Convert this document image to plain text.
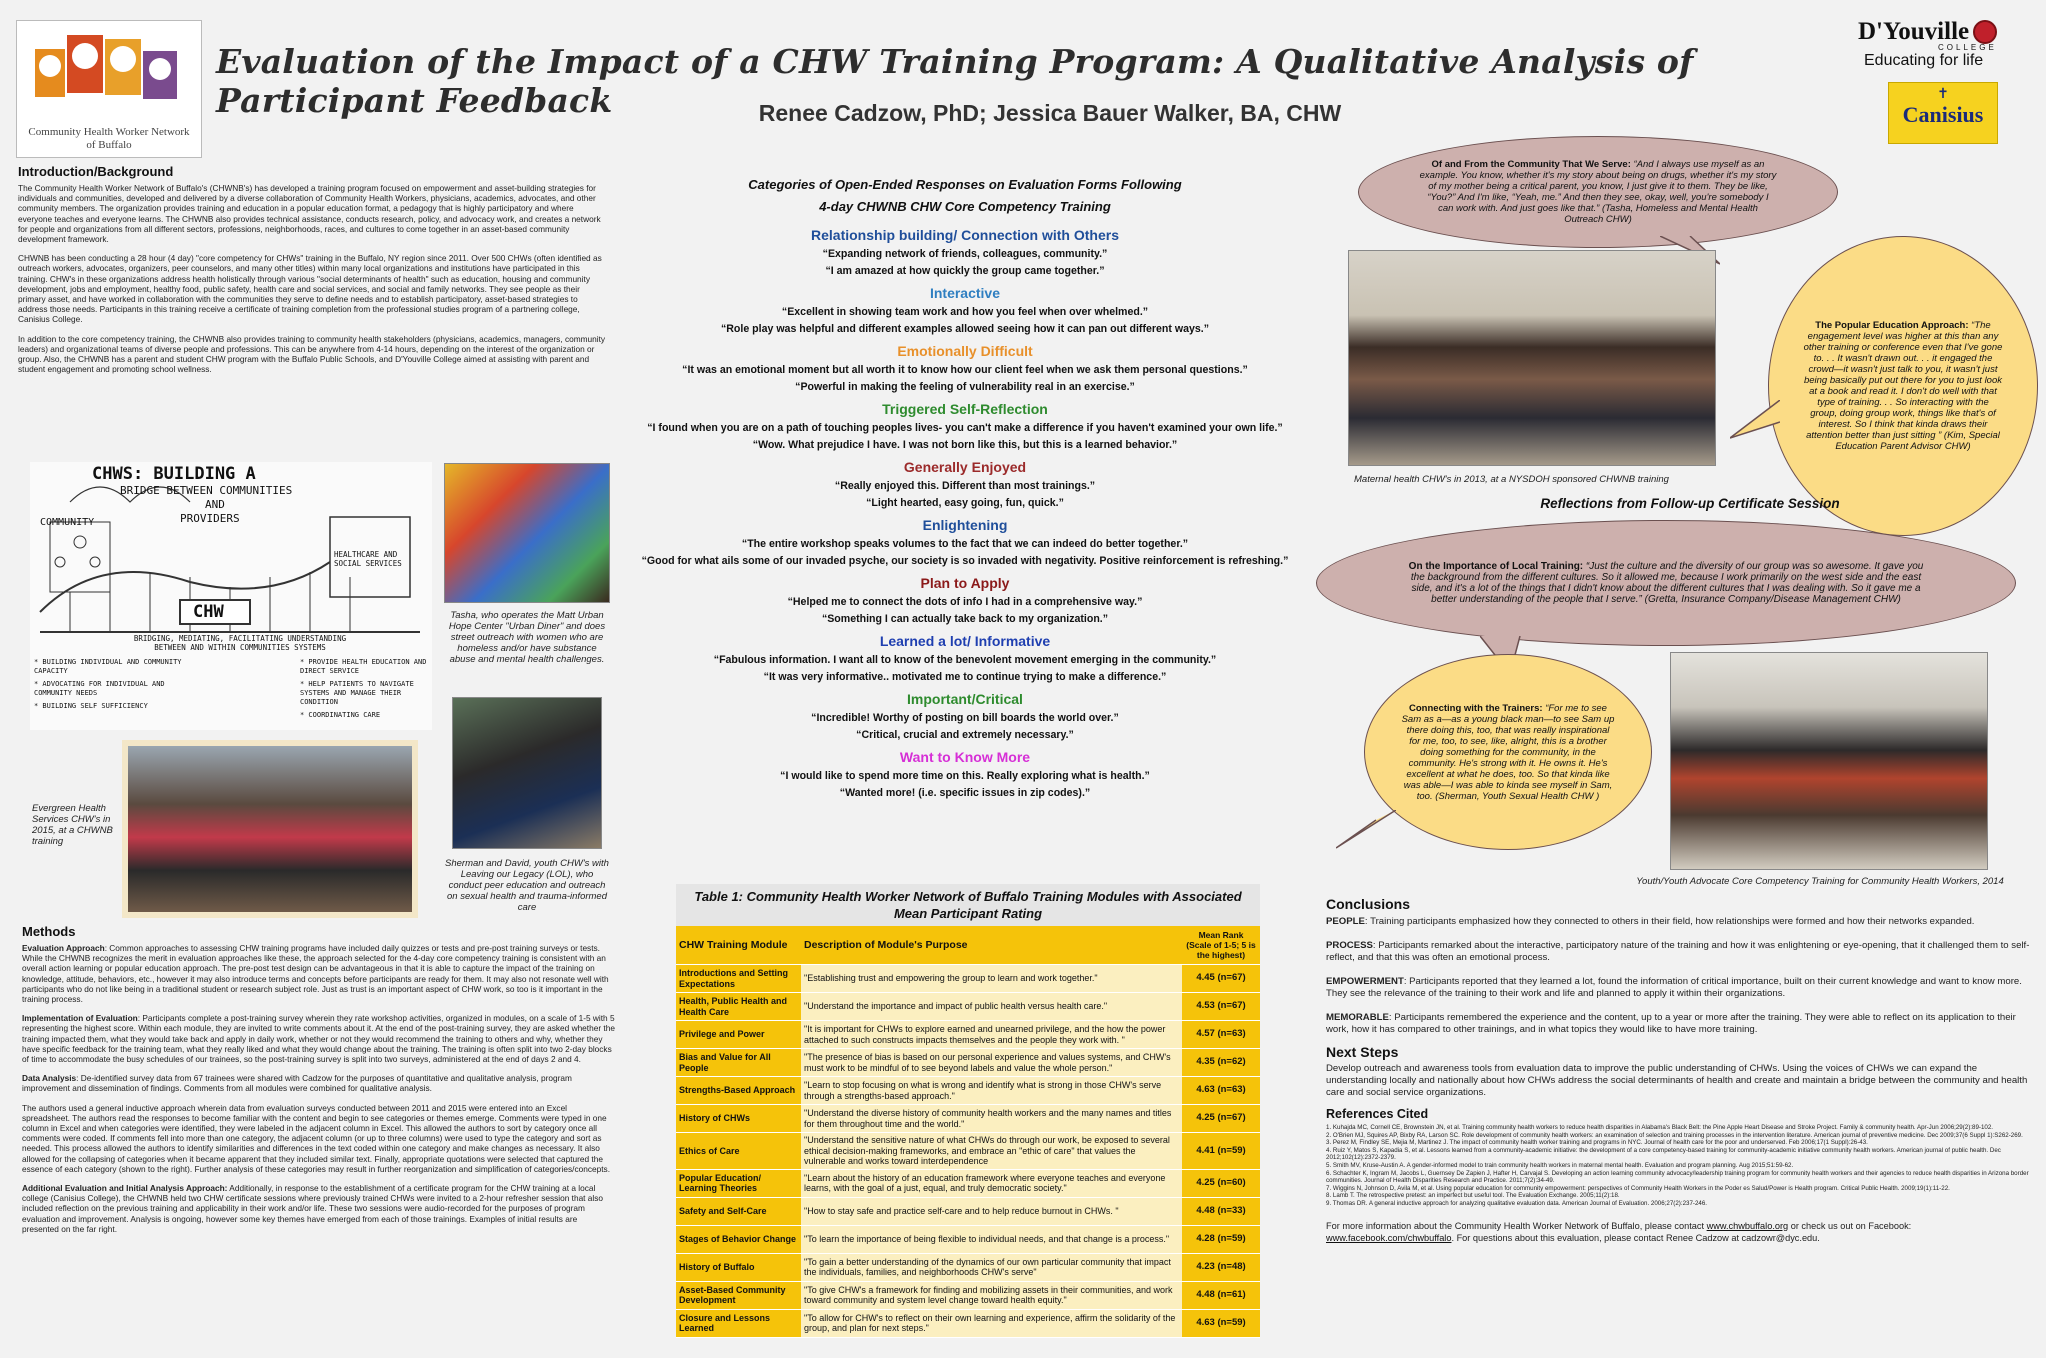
Community Health Worker Network
of Buffalo
Evaluation of the Impact of a CHW Training Program: A Qualitative Analysis of Participant Feedback	Renee Cadzow, PhD; Jessica Bauer Walker, BA, CHW
D'Youville
COLLEGE
Educating for life
✝
Canisius
Introduction/Background

The Community Health Worker Network of Buffalo's (CHWNB's) has developed a training program focused on empowerment and asset-building strategies for individuals and communities, developed and delivered by a diverse collaboration of Community Health Workers, physicians, academics, advocates, and other community members. The organization provides training and education in a popular education format, a pedagogy that is highly participatory and where everyone teaches and everyone learns. The CHWNB also provides technical assistance, conducts research, policy, and advocacy work, and creates a network for people and organizations from all different sectors, professions, neighborhoods, races, and cultures to come together in an asset-based community development framework.

CHWNB has been conducting a 28 hour (4 day) "core competency for CHWs" training in the Buffalo, NY region since 2011. Over 500 CHWs (often identified as outreach workers, advocates, organizers, peer counselors, and many other titles) within many local organizations and institutions have participated in this training. CHW's in these organizations address health holistically through various "social determinants of health" such as education, housing and community development, jobs and employment, healthy food, public safety, health care and social services, and social and family networks. They see people as their primary asset, and have worked in collaboration with the communities they serve to define needs and to establish participatory, asset-based strategies to address those needs. Participants in this training receive a certificate of training completion from the professional studies program of a partnering college, Canisius College.

In addition to the core competency training, the CHWNB also provides training to community health stakeholders (physicians, academics, managers, community leaders) and organizational teams of diverse people and professions. This can be anywhere from 4-14 hours, depending on the interest of the organization or group. Also, the CHWNB has a parent and student CHW program with the Buffalo Public Schools, and D'Youville College aimed at assisting with parent and student engagement and promoting school wellness.

CHWS: BUILDING A
BRIDGE BETWEEN COMMUNITIES
AND
PROVIDERS
COMMUNITY
HEALTHCARE AND SOCIAL SERVICES
CHW
BRIDGING, MEDIATING, FACILITATING UNDERSTANDING BETWEEN AND WITHIN COMMUNITIES SYSTEMS
* BUILDING INDIVIDUAL AND COMMUNITY CAPACITY
* ADVOCATING FOR INDIVIDUAL AND COMMUNITY NEEDS
* BUILDING SELF SUFFICIENCY
* PROVIDE HEALTH EDUCATION AND DIRECT SERVICE
* HELP PATIENTS TO NAVIGATE SYSTEMS AND MANAGE THEIR CONDITION
* COORDINATING CARE
Tasha, who operates the Matt Urban Hope Center "Urban Diner" and does street outreach with women who are homeless and/or have substance abuse and mental health challenges.
Sherman and David, youth CHW's with Leaving our Legacy (LOL), who conduct peer education and outreach on sexual health and trauma-informed care
Evergreen Health Services CHW's in 2015, at a CHWNB training
Methods

Evaluation Approach: Common approaches to assessing CHW training programs have included daily quizzes or tests and pre-post training surveys or tests. While the CHWNB recognizes the merit in evaluation approaches like these, the approach selected for the 4-day core competency training is consistent with an overall action learning or popular education approach. The pre-post test design can be advantageous in that it is able to capture the impact of the training on knowledge, attitude, behaviors, etc., however it may also introduce terms and concepts before participants are ready for them. It may also not resonate well with participants who do not like being in a traditional student or research subject role. Just as trust is an important aspect of CHW work, so too is it important in the training process.

Implementation of Evaluation: Participants complete a post-training survey wherein they rate workshop activities, organized in modules, on a scale of 1-5 with 5 representing the highest score. Within each module, they are invited to write comments about it. At the end of the post-training survey, they are asked whether the training impacted them, what they would take back and apply in daily work, whether or not they would recommend the training to others and why, whether they have specific feedback for the training team, what they really liked and what they would change about the training. The training is often split into two 2-day blocks of time to accommodate the busy schedules of our trainees, so the post-training survey is split into two surveys, administered at the end of days 2 and 4.

Data Analysis: De-identified survey data from 67 trainees were shared with Cadzow for the purposes of quantitative and qualitative analysis, program improvement and dissemination of findings. Comments from all modules were combined for qualitative analysis.

The authors used a general inductive approach wherein data from evaluation surveys conducted between 2011 and 2015 were entered into an Excel spreadsheet. The authors read the responses to become familiar with the content and begin to see categories or themes emerge. Comments were typed in one column in Excel and when categories were identified, they were labeled in the adjacent column in Excel. This allowed the authors to sort by category once all comments were coded. If comments fell into more than one category, the adjacent column (or up to three columns) were used to type the category and sort as needed. This process allowed the authors to identify similarities and differences in the text coded within one category and make changes as necessary. It also allowed for the collapsing of categories when it became apparent that they included similar text. Finally, appropriate quotations were selected that captured the essence of each category (shown to the right). Further analysis of these categories may result in further reorganization and simplification of categories/concepts.

Additional Evaluation and Initial Analysis Approach: Additionally, in response to the establishment of a certificate program for the CHW training at a local college (Canisius College), the CHWNB held two CHW certificate sessions where previously trained CHWs were invited to a 2-hour refresher session that also included reflection on the previous training and applicability in their work and/or life. These two sessions were audio-recorded for the purposes of program evaluation and improvement. Analysis is ongoing, however some key themes have emerged from each of those trainings. Examples of initial results are presented on the far right.

Categories of Open-Ended Responses on Evaluation Forms Following
4-day CHWNB CHW Core Competency Training
Relationship building/ Connection with Others
“Expanding network of friends, colleagues, community.”
“I am amazed at how quickly the group came together.”
Interactive
“Excellent in showing team work and how you feel when over whelmed.”
“Role play was helpful and different examples allowed seeing how it can pan out different ways.”
Emotionally Difficult
“It was an emotional moment but all worth it to know how our client feel when we ask them personal questions.”
“Powerful in making the feeling of vulnerability real in an exercise.”
Triggered Self-Reflection
“I found when you are on a path of touching peoples lives- you can't make a difference if you haven't examined your own life.”
“Wow. What prejudice I have. I was not born like this, but this is a learned behavior.”
Generally Enjoyed
“Really enjoyed this. Different than most trainings.”
“Light hearted, easy going, fun, quick.”
Enlightening
“The entire workshop speaks volumes to the fact that we can indeed do better together.”
“Good for what ails some of our invaded psyche, our society is so invaded with negativity. Positive reinforcement is refreshing.”
Plan to Apply
“Helped me to connect the dots of info I had in a comprehensive way.”
“Something I can actually take back to my organization.”
Learned a lot/ Informative
“Fabulous information. I want all to know of the benevolent movement emerging in the community.”
“It was very informative.. motivated me to continue trying to make a difference.”
Important/Critical
“Incredible! Worthy of posting on bill boards the world over.”
“Critical, crucial and extremely necessary.”
Want to Know More
“I would like to spend more time on this. Really exploring what is health.”
“Wanted more! (i.e. specific issues in zip codes).”
Table 1: Community Health Worker Network of Buffalo Training Modules with Associated Mean Participant Rating
CHW Training Module	Description of Module's Purpose	Mean Rank (Scale of 1-5; 5 is the highest)
Introductions and Setting Expectations	"Establishing trust and empowering the group to learn and work together."	4.45 (n=67)
Health, Public Health and Health Care	"Understand the importance and impact of public health versus health care."	4.53 (n=67)
Privilege and Power	"It is important for CHWs to explore earned and unearned privilege, and the how the power attached to such constructs impacts themselves and the people they work with. "	4.57 (n=63)
Bias and Value for All People	"The presence of bias is based on our personal experience and values systems, and CHW's must work to be mindful of to see beyond labels and value the whole person."	4.35 (n=62)
Strengths-Based Approach	"Learn to stop focusing on what is wrong and identify what is strong in those CHW's serve through a strengths-based approach."	4.63 (n=63)
History of CHWs	"Understand the diverse history of community health workers and the many names and titles for them throughout time and the world."	4.25 (n=67)
Ethics of Care	"Understand the sensitive nature of what CHWs do through our work, be exposed to several ethical decision-making frameworks, and embrace an "ethic of care" that values the vulnerable and works toward interdependence	4.41 (n=59)
Popular Education/ Learning Theories	"Learn about the history of an education framework where everyone teaches and everyone learns, with the goal of a just, equal, and truly democratic society."	4.25 (n=60)
Safety and Self-Care	"How to stay safe and practice self-care and to help reduce burnout in CHWs. "	4.48 (n=33)
Stages of Behavior Change	"To learn the importance of being flexible to individual needs, and that change is a process."	4.28 (n=59)
History of Buffalo	"To gain a better understanding of the dynamics of our own particular community that impact the individuals, families, and neighborhoods CHW's serve"	4.23 (n=48)
Asset-Based Community Development	"To give CHW's a framework for finding and mobilizing assets in their communities, and work toward community and system level change toward health equity."	4.48 (n=61)
Closure and Lessons Learned	"To allow for CHW's to reflect on their own learning and experience, affirm the solidarity of the group, and plan for next steps."	4.63 (n=59)
Of and From the Community That We Serve: “And I always use myself as an example. You know, whether it's my story about being on drugs, whether it's my story of my mother being a critical parent, you know, I just give it to them. They be like, “You?” And I'm like, “Yeah, me.” And then they see, okay, well, you're somebody I can work with. And just goes like that.” (Tasha, Homeless and Mental Health Outreach CHW)
Maternal health CHW's in 2013, at a NYSDOH sponsored CHWNB training
The Popular Education Approach: “The engagement level was higher at this than any other training or conference even that I've gone to. . . It wasn't drawn out. . . it engaged the crowd—it wasn't just talk to you, it wasn't just being basically put out there for you to just look at a book and read it. I don't do well with that type of training. . . So interacting with the group, doing group work, things like that's of interest. So I think that kinda draws their attention better than just sitting ” (Kim, Special Education Parent Advisor CHW)
Reflections from Follow-up Certificate Session
On the Importance of Local Training: “Just the culture and the diversity of our group was so awesome. It gave you the background from the different cultures. So it allowed me, because I work primarily on the west side and the east side, and it's a lot of the things that I didn't know about the different cultures that I was dealing with. So it gave me a better understanding of the people that I serve.” (Gretta, Insurance Company/Disease Management CHW)
Connecting with the Trainers: “For me to see Sam as a—as a young black man—to see Sam up there doing this, too, that was really inspirational for me, too, to see, like, alright, this is a brother doing something for the community, in the community. He's strong with it. He owns it. He's excellent at what he does, too. So that kinda like was able—I was able to kinda see myself in Sam, too. (Sherman, Youth Sexual Health CHW )
Youth/Youth Advocate Core Competency Training for Community Health Workers, 2014
Conclusions

PEOPLE: Training participants emphasized how they connected to others in their field, how relationships were formed and how their networks expanded.

PROCESS: Participants remarked about the interactive, participatory nature of the training and how it was enlightening or eye-opening, that it challenged them to self-reflect, and that this was often an emotional process.

EMPOWERMENT: Participants reported that they learned a lot, found the information of critical importance, built on their current knowledge and want to know more. They see the relevance of the training to their work and life and planned to apply it within their organizations.

MEMORABLE: Participants remembered the experience and the content, up to a year or more after the training. They were able to reflect on its application to their work, how it has compared to other trainings, and in what topics they would like to have more training.

Next Steps
Develop outreach and awareness tools from evaluation data to improve the public understanding of CHWs. Using the voices of CHWs we can expand the understanding locally and nationally about how CHWs address the social determinants of health and create and maintain a bridge between the community and health care and social service organizations.
References Cited
1. Kuhajda MC, Cornell CE, Brownstein JN, et al. Training community health workers to reduce health disparities in Alabama's Black Belt: the Pine Apple Heart Disease and Stroke Project. Family & community health. Apr-Jun 2006;29(2):89-102.
2. O'Brien MJ, Squires AP, Bixby RA, Larson SC. Role development of community health workers: an examination of selection and training processes in the intervention literature. American journal of preventive medicine. Dec 2009;37(6 Suppl 1):S262-269.
3. Perez M, Findley SE, Mejia M, Martinez J. The impact of community health worker training and programs in NYC. Journal of health care for the poor and underserved. Feb 2006;17(1 Suppl):26-43.
4. Ruiz Y, Matos S, Kapadia S, et al. Lessons learned from a community-academic initiative: the development of a core competency-based training for community-academic initiative community health workers. American journal of public health. Dec 2012;102(12):2372-2379.
5. Smith MV, Kruse-Austin A. A gender-informed model to train community health workers in maternal mental health. Evaluation and program planning. Aug 2015;51:59-62.
6. Schachter K, Ingram M, Jacobs L, Guernsey De Zapien J, Hafter H, Carvajal S. Developing an action learning community advocacy/leadership training program for community health workers and their agencies to reduce health disparities in Arizona border communities. Journal of Health Disparities Research and Practice. 2011;7(2):34-49.
7. Wiggins N, Johnson D, Avila M, et al. Using popular education for community empowerment: perspectives of Community Health Workers in the Poder es Salud/Power is Health program. Critical Public Health. 2009;19(1):11-22.
8. Lamb T. The retrospective pretest: an imperfect but useful tool. The Evaluation Exchange. 2005;11(2):18.
9. Thomas DR. A general inductive approach for analyzing qualitative evaluation data. American Journal of Evaluation. 2006;27(2):237-246.
For more information about the Community Health Worker Network of Buffalo, please contact www.chwbuffalo.org or check us out on Facebook: www.facebook.com/chwbuffalo. For questions about this evaluation, please contact Renee Cadzow at cadzowr@dyc.edu.
